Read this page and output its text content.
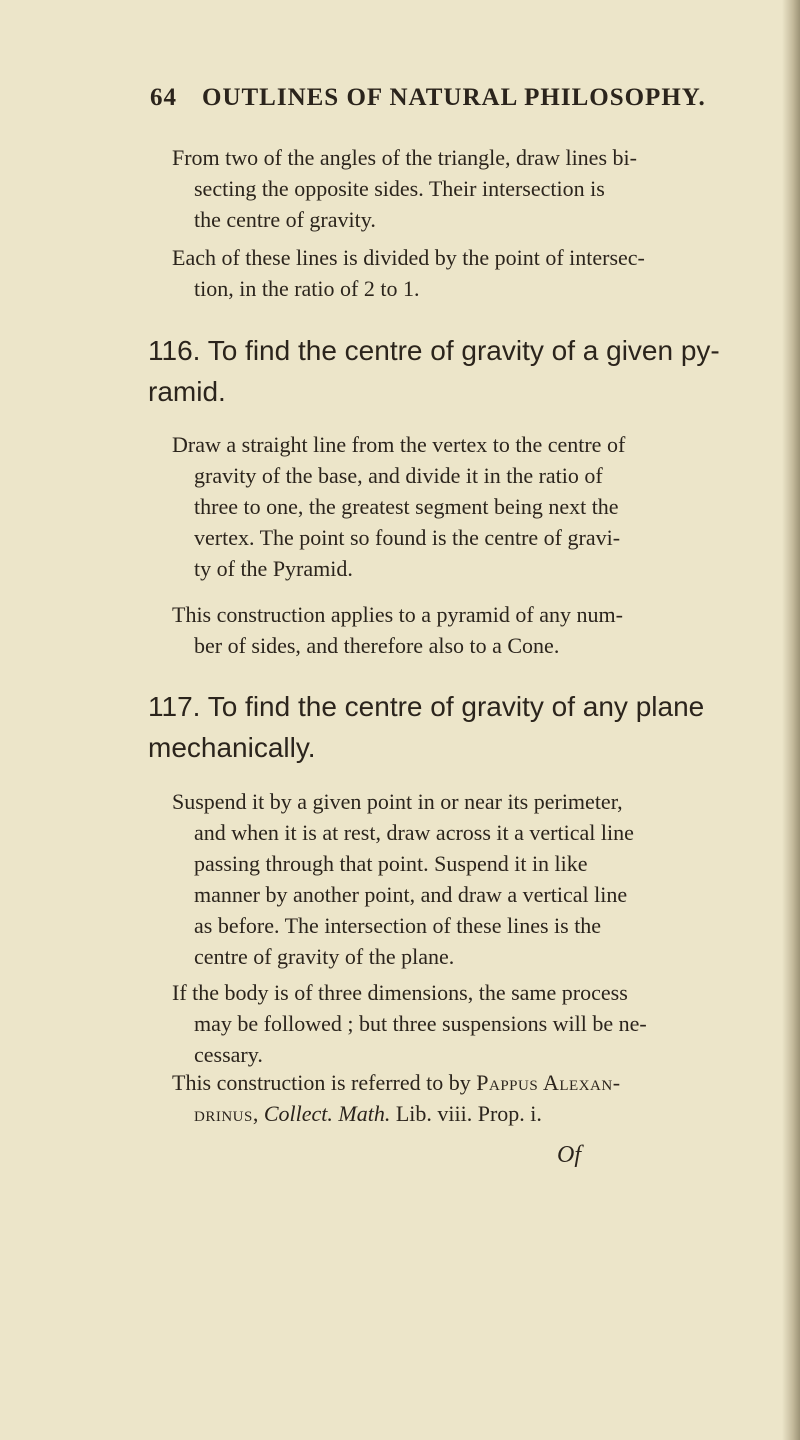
64 OUTLINES OF NATURAL PHILOSOPHY.
From two of the angles of the triangle, draw lines bi-
secting the opposite sides. Their intersection is
the centre of gravity.
Each of these lines is divided by the point of intersec-
tion, in the ratio of 2 to 1.
116. To find the centre of gravity of a given py-
ramid.
Draw a straight line from the vertex to the centre of
gravity of the base, and divide it in the ratio of
three to one, the greatest segment being next the
vertex. The point so found is the centre of gravi-
ty of the Pyramid.
This construction applies to a pyramid of any num-
ber of sides, and therefore also to a Cone.
117. To find the centre of gravity of any plane
mechanically.
Suspend it by a given point in or near its perimeter,
and when it is at rest, draw across it a vertical line
passing through that point. Suspend it in like
manner by another point, and draw a vertical line
as before. The intersection of these lines is the
centre of gravity of the plane.
If the body is of three dimensions, the same process
may be followed ; but three suspensions will be ne-
cessary.
This construction is referred to by Pappus Alexan-
drinus, Collect. Math. Lib. viii. Prop. i.
Of
